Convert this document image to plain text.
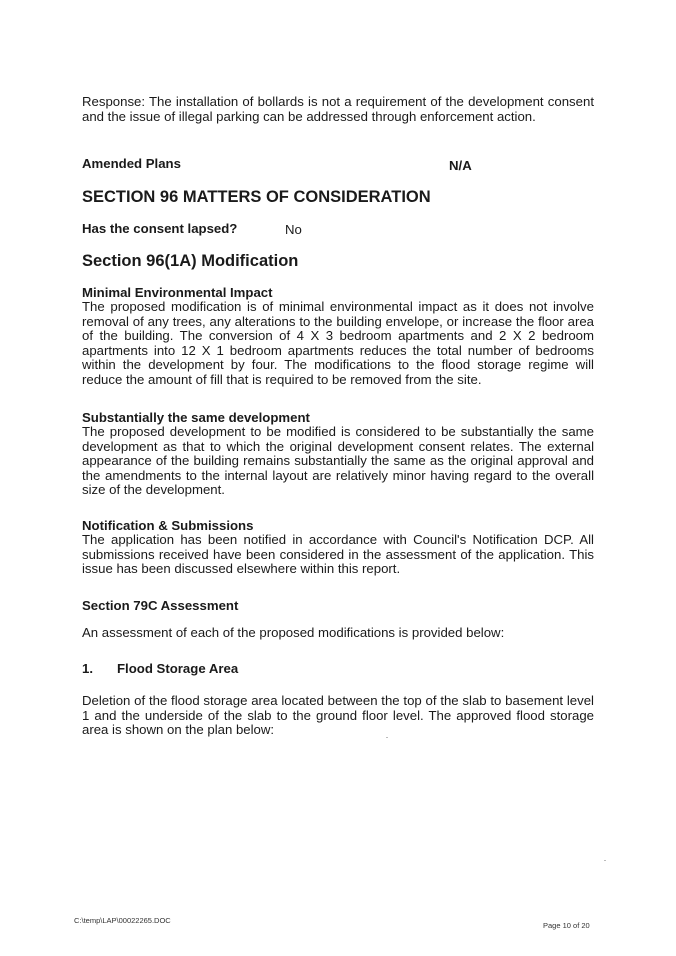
Response: The installation of bollards is not a requirement of the development consent and the issue of illegal parking can be addressed through enforcement action.

Amended Plans	N/A
SECTION 96 MATTERS OF CONSIDERATION
Has the consent lapsed?	No
Section 96(1A) Modification

Minimal Environmental Impact

The proposed modification is of minimal environmental impact as it does not involve removal of any trees, any alterations to the building envelope, or increase the floor area of the building. The conversion of 4 X 3 bedroom apartments and 2 X 2 bedroom apartments into 12 X 1 bedroom apartments reduces the total number of bedrooms within the development by four. The modifications to the flood storage regime will reduce the amount of fill that is required to be removed from the site.

Substantially the same development

The proposed development to be modified is considered to be substantially the same development as that to which the original development consent relates. The external appearance of the building remains substantially the same as the original approval and the amendments to the internal layout are relatively minor having regard to the overall size of the development.

Notification & Submissions

The application has been notified in accordance with Council's Notification DCP. All submissions received have been considered in the assessment of the application. This issue has been discussed elsewhere within this report.

Section 79C Assessment

An assessment of each of the proposed modifications is provided below:

1. Flood Storage Area

Deletion of the flood storage area located between the top of the slab to basement level 1 and the underside of the slab to the ground floor level. The approved flood storage area is shown on the plan below:

C:\temp\LAP\00022265.DOC
Page 10 of 20
